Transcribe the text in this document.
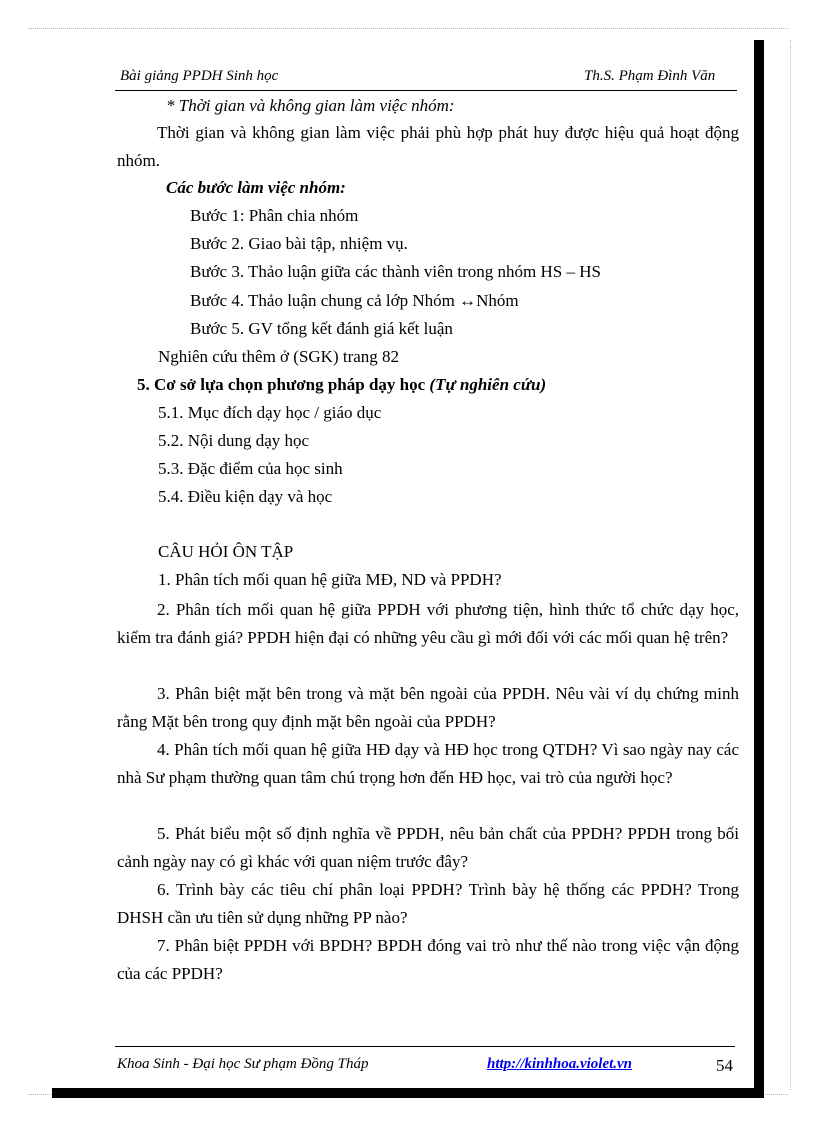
Bài giảng PPDH Sinh học	Th.S. Phạm Đình Văn
* Thời gian và không gian làm việc nhóm:
Thời gian và không gian làm việc phải phù hợp phát huy được hiệu quả hoạt động nhóm.
Các bước làm việc nhóm:
Bước 1: Phân chia nhóm
Bước 2. Giao bài tập, nhiệm vụ.
Bước 3. Thảo luận giữa các thành viên trong nhóm HS – HS
Bước 4. Thảo luận chung cả lớp Nhóm ↔Nhóm
Bước 5. GV tổng kết đánh giá kết luận
Nghiên cứu thêm ở (SGK) trang 82
5. Cơ sở lựa chọn phương pháp dạy học (Tự nghiên cứu)
5.1. Mục đích dạy học / giáo dục
5.2. Nội dung dạy học
5.3. Đặc điểm của học sinh
5.4. Điều kiện dạy và học
CÂU HỎI ÔN TẬP
1. Phân tích mối quan hệ giữa MĐ, ND và PPDH?
2. Phân tích mối quan hệ giữa PPDH với phương tiện, hình thức tổ chức dạy học, kiểm tra đánh giá? PPDH hiện đại có những yêu cầu gì mới đối với các mối quan hệ trên?
3. Phân biệt mặt bên trong và mặt bên ngoài của PPDH. Nêu vài ví dụ chứng minh rằng Mặt bên trong quy định mặt bên ngoài của PPDH?
4. Phân tích mối quan hệ giữa HĐ dạy và HĐ học trong QTDH? Vì sao ngày nay các nhà Sư phạm thường quan tâm chú trọng hơn đến HĐ học, vai trò của người học?
5. Phát biểu một số định nghĩa về PPDH, nêu bản chất của PPDH? PPDH trong bối cảnh ngày nay có gì khác với quan niệm trước đây?
6. Trình bày các tiêu chí phân loại PPDH? Trình bày hệ thống các PPDH? Trong DHSH cần ưu tiên sử dụng những PP nào?
7. Phân biệt PPDH với BPDH? BPDH đóng vai trò như thế nào trong việc vận động của các PPDH?
Khoa Sinh - Đại học Sư phạm Đồng Tháp	http://kinhhoa.violet.vn	54
